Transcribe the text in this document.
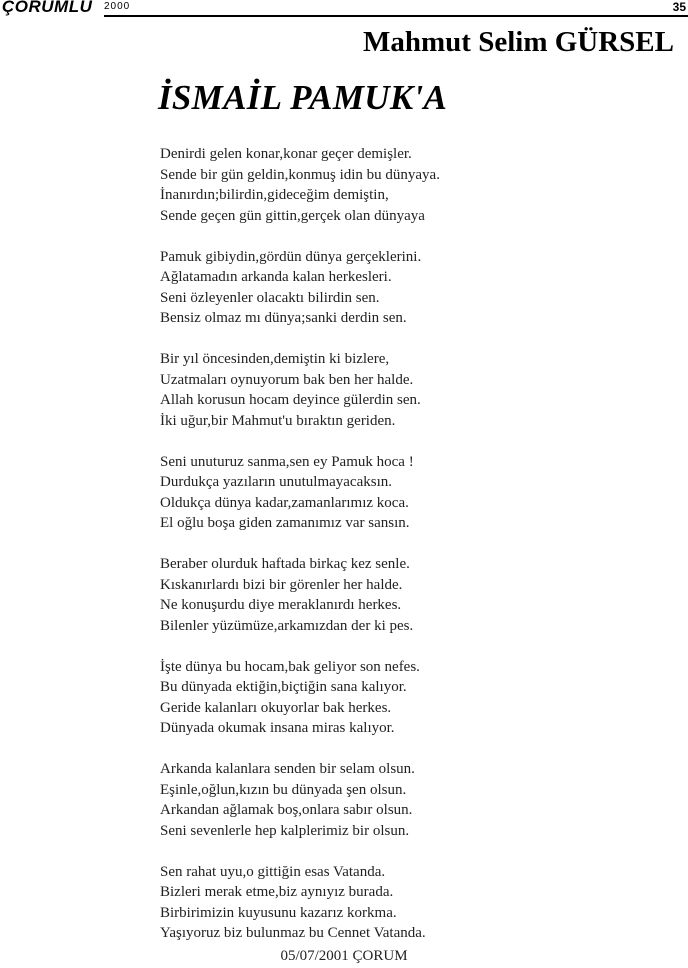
ÇORUMLU 2000	35
Mahmut Selim GÜRSEL
İSMAİL PAMUK'A
Denirdi gelen konar,konar geçer demişler.
Sende bir gün geldin,konmuş idin bu dünyaya.
İnanırdın;bilirdin,gideceğim demiştin,
Sende geçen gün gittin,gerçek olan dünyaya
Pamuk gibiydin,gördün dünya gerçeklerini.
Ağlatamadın arkanda kalan herkesleri.
Seni özleyenler olacaktı bilirdin sen.
Bensiz olmaz mı dünya;sanki derdin sen.
Bir yıl öncesinden,demiştin ki bizlere,
Uzatmaları oynuyorum bak ben her halde.
Allah korusun hocam deyince gülerdin sen.
İki uğur,bir Mahmut'u bıraktın geriden.
Seni unuturuz sanma,sen ey Pamuk hoca !
Durdukça yazıların unutulmayacaksın.
Oldukça dünya kadar,zamanlarımız koca.
El oğlu boşa giden zamanımız var sansın.
Beraber olurduk haftada birkaç kez senle.
Kıskanırlardı bizi bir görenler her halde.
Ne konuşurdu diye meraklanırdı herkes.
Bilenler yüzümüze,arkamızdan der ki pes.
İşte dünya bu hocam,bak geliyor son nefes.
Bu dünyada ektiğin,biçtiğin sana kalıyor.
Geride kalanları okuyorlar bak herkes.
Dünyada okumak insana miras kalıyor.
Arkanda kalanlara senden bir selam olsun.
Eşinle,oğlun,kızın bu dünyada şen olsun.
Arkandan ağlamak boş,onlara sabır olsun.
Seni sevenlerle hep kalplerimiz bir olsun.
Sen rahat uyu,o gittiğin esas Vatanda.
Bizleri merak etme,biz aynıyız burada.
Birbirimizin kuyusunu kazarız korkma.
Yaşıyoruz biz bulunmaz bu Cennet Vatanda.
05/07/2001 ÇORUM
